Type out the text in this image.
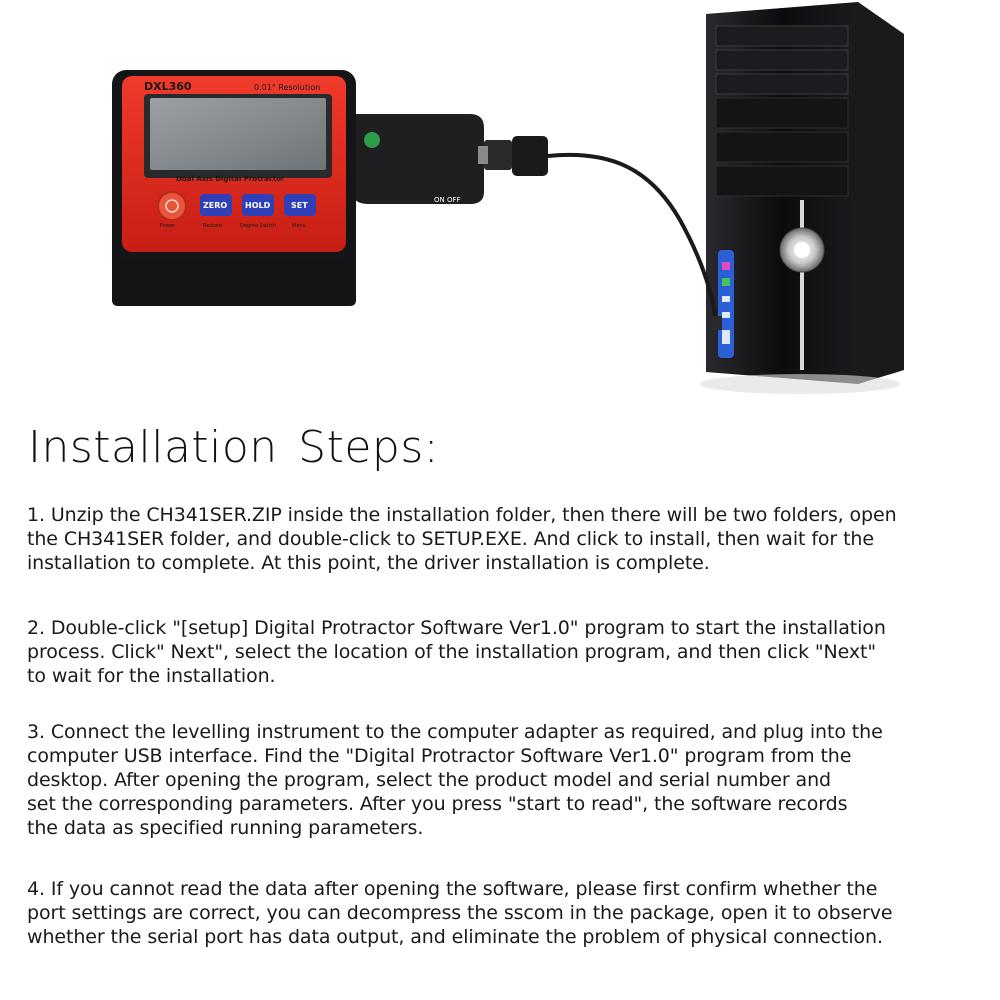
ON OFF
DXL360	0.01° Resolution
Dual Axis Digital Protractor
ZERO HOLD	SET
Power	Restore	Degree Switch	Menu
Installation Steps:

1. Unzip the CH341SER.ZIP inside the installation folder, then there will be two folders, open
the CH341SER folder, and double-click to SETUP.EXE. And click to install, then wait for the
installation to complete. At this point, the driver installation is complete.

2. Double-click "[setup] Digital Protractor Software Ver1.0" program to start the installation
process. Click" Next", select the location of the installation program, and then click "Next"
to wait for the installation.

3. Connect the levelling instrument to the computer adapter as required, and plug into the
computer USB interface. Find the "Digital Protractor Software Ver1.0" program from the
desktop. After opening the program, select the product model and serial number and
set the corresponding parameters. After you press "start to read", the software records
the data as specified running parameters.

4. If you cannot read the data after opening the software, please first confirm whether the
port settings are correct, you can decompress the sscom in the package, open it to observe
whether the serial port has data output, and eliminate the problem of physical connection.
